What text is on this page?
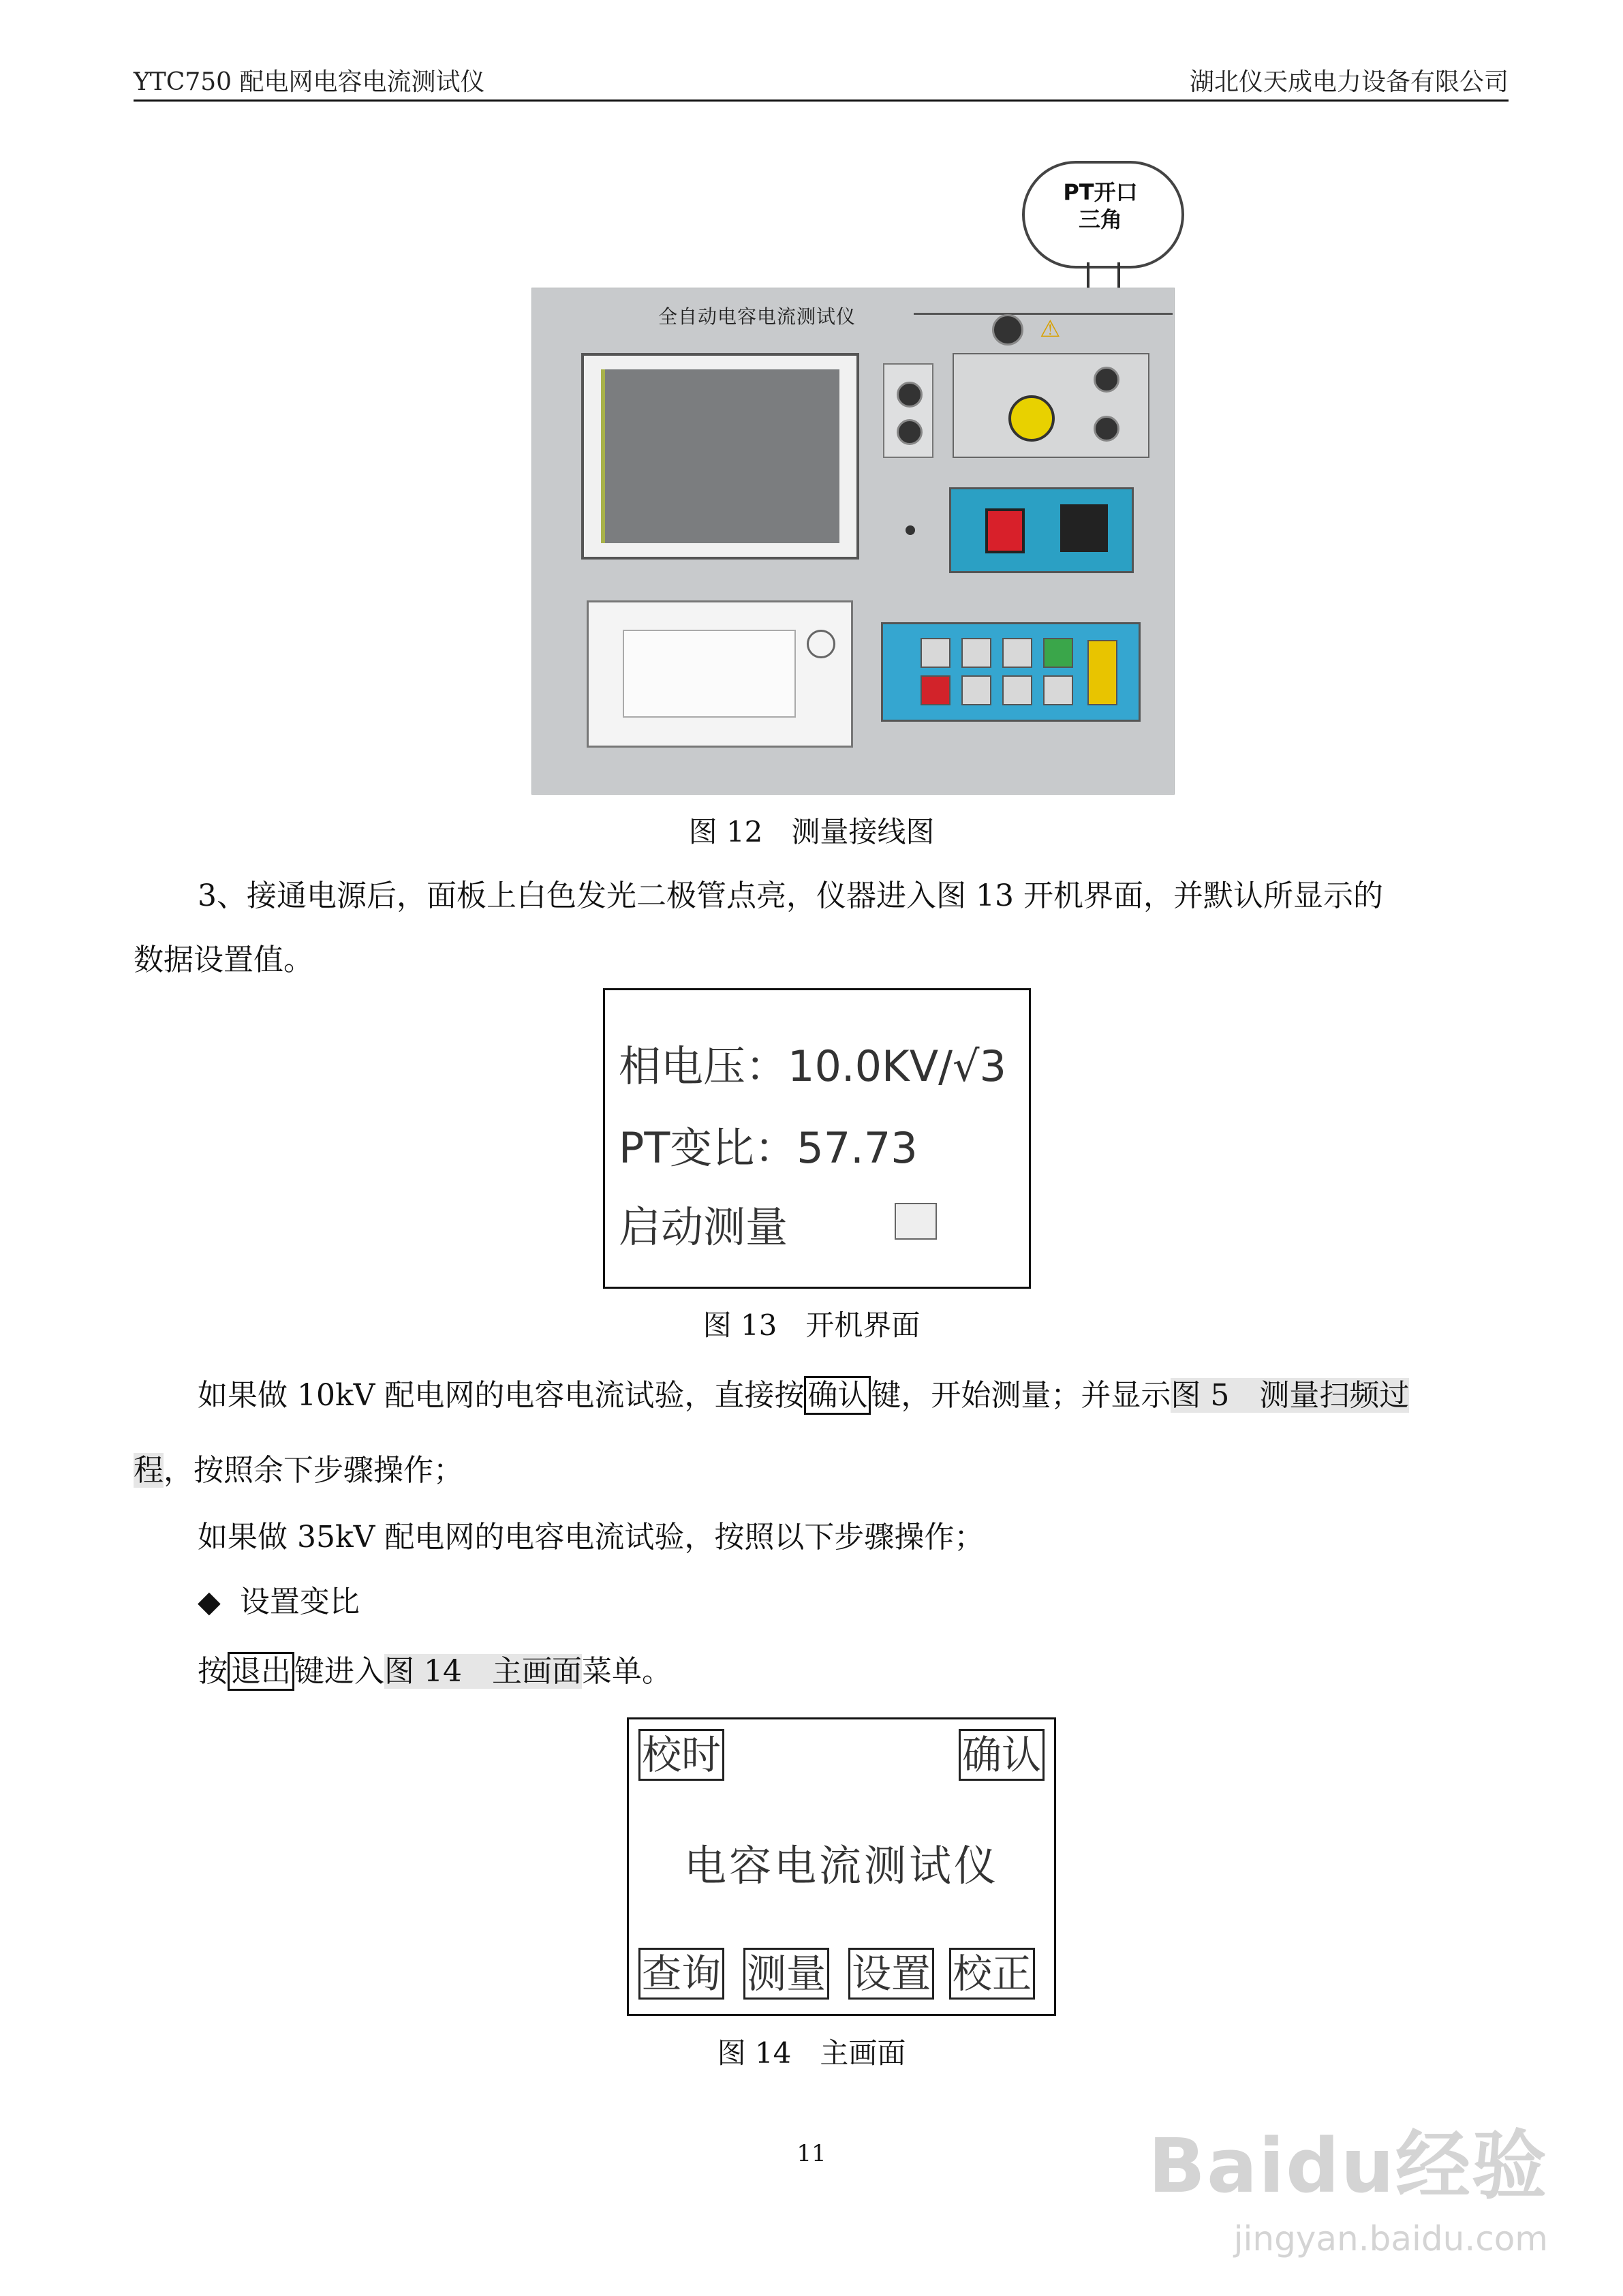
YTC750 配电网电容电流测试仪	湖北仪天成电力设备有限公司
PT开口
三角
全自动电容电流测试仪	⚠
图 12　测量接线图
3、接通电源后，面板上白色发光二极管点亮，仪器进入图 13 开机界面，并默认所显示的
数据设置值。
相电压：10.0KV/√3
PT变比：57.73
启动测量
图 13　开机界面
如果做 10kV 配电网的电容电流试验，直接按 确认 键，开始测量；并显示图 5　测量扫频过
程，按照余下步骤操作；
如果做 35kV 配电网的电容电流试验，按照以下步骤操作；
◆ 设置变比
按 退出 键进入图 14　主画面菜单。
校时	确认
电容电流测试仪
查询 测量 设置 校正
图 14　主画面
11	Baidu经验
jingyan.baidu.com
